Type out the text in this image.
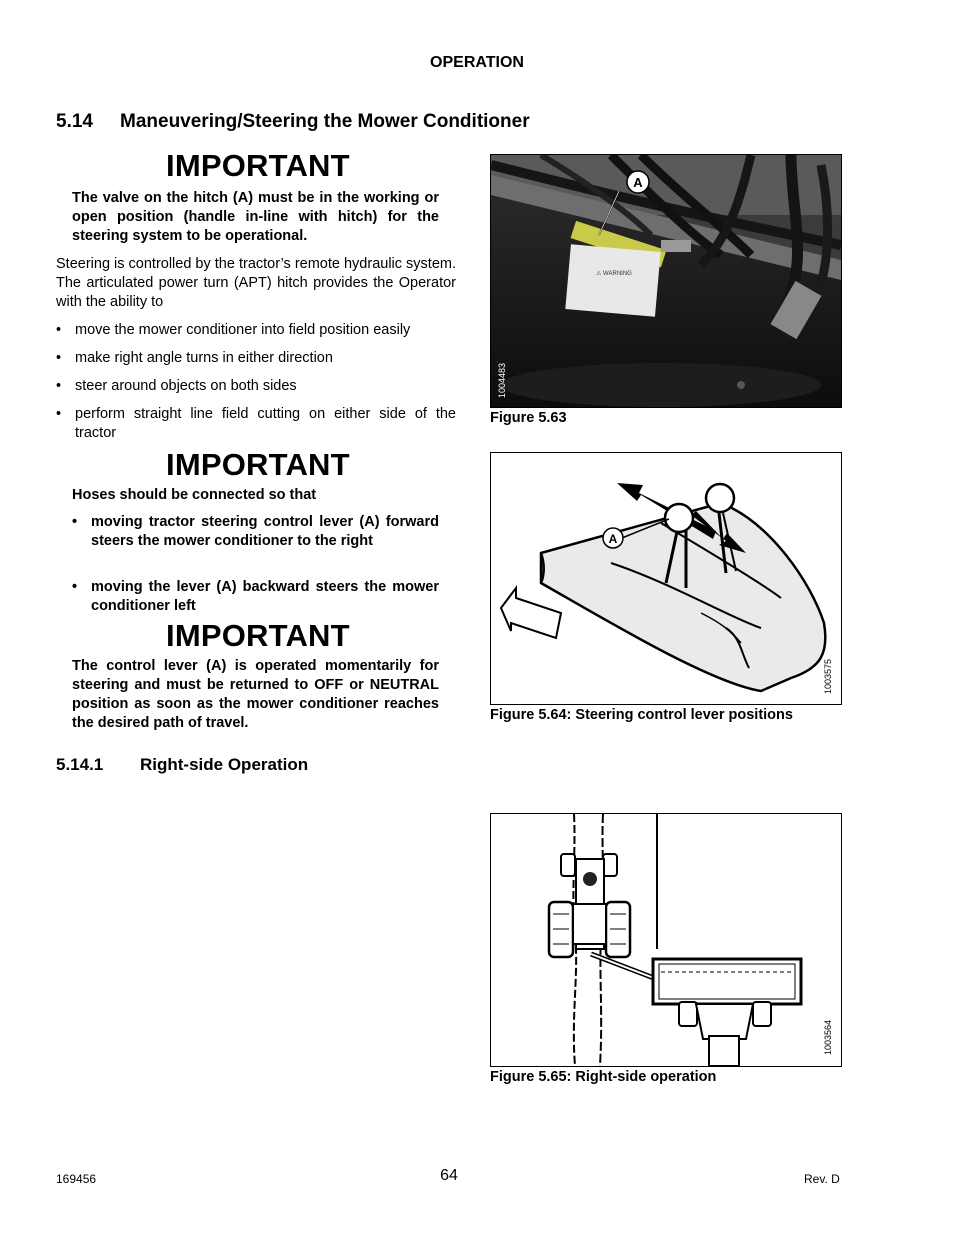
OPERATION
5.14 Maneuvering/Steering the Mower Conditioner
IMPORTANT
The valve on the hitch (A) must be in the working or open position (handle in-line with hitch) for the steering system to be operational.
Steering is controlled by the tractor’s remote hydraulic system. The articulated power turn (APT) hitch provides the Operator with the ability to
• move the mower conditioner into field position easily
• make right angle turns in either direction
• steer around objects on both sides
• perform straight line field cutting on either side of the tractor
IMPORTANT
Hoses should be connected so that
• moving tractor steering control lever (A) forward steers the mower conditioner to the right
• moving the lever (A) backward steers the mower conditioner left
IMPORTANT
The control lever (A) is operated momentarily for steering and must be returned to OFF or NEUTRAL position as soon as the mower conditioner reaches the desired path of travel.
5.14.1 Right-side Operation
⚠ WARNING
A
1004483
Figure 5.63
A
1003575
Figure 5.64: Steering control lever positions
1003564
Figure 5.65: Right-side operation
169456	64	Rev. D
